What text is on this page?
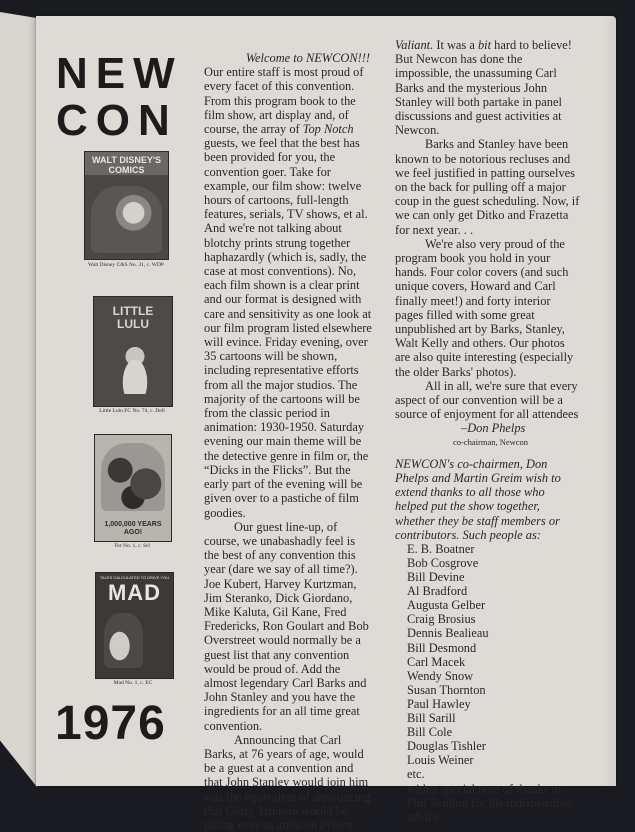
NEW
CON
WALT DISNEY'S COMICS
Walt Disney C&S No. 31, c. WDP
LITTLE LULU
Little Lulu FC No. 74, c. Dell
1,000,000 YEARS AGO!
Tor No. 1, c. StJ
TALES CALCULATED TO DRIVE YOU
MAD
Mad No. 1, c. EC
1976

Welcome to NEWCON!!!

Our entire staff is most proud of every facet of this convention. From this program book to the film show, art display and, of course, the array of Top Notch guests, we feel that the best has been provided for you, the convention goer. Take for example, our film show: twelve hours of cartoons, full-length features, serials, TV shows, et al. And we're not talking about blotchy prints strung together haphazardly (which is, sadly, the case at most conventions). No, each film shown is a clear print and our format is designed with care and sensitivity as one look at our film program listed elsewhere will evince. Friday evening, over 35 cartoons will be shown, including representative efforts from all the major studios. The majority of the cartoons will be from the classic period in animation: 1930-1950. Saturday evening our main theme will be the detective genre in film or, the “Dicks in the Flicks”. But the early part of the evening will be given over to a pastiche of film goodies.

Our guest line-up, of course, we unabashadly feel is the best of any convention this year (dare we say of all time?). Joe Kubert, Harvey Kurtzman, Jim Steranko, Dick Giordano, Mike Kaluta, Gil Kane, Fred Fredericks, Ron Goulart and Bob Overstreet would normally be a guest list that any convention would be proud of. Add the almost legendary Carl Barks and John Stanley and you have the ingredients for an all time great convention.

Announcing that Carl Barks, at 76 years of age, would be a guest at a convention and that John Stanley would join him was the equivalent of announcing that Garry Trudeau would be taking over as artist on Prince

Valiant. It was a bit hard to believe! But Newcon has done the impossible, the unassuming Carl Barks and the mysterious John Stanley will both partake in panel discussions and guest activities at Newcon.

Barks and Stanley have been known to be notorious recluses and we feel justified in patting ourselves on the back for pulling off a major coup in the guest scheduling. Now, if we can only get Ditko and Frazetta for next year. . .

We're also very proud of the program book you hold in your hands. Four color covers (and such unique covers, Howard and Carl finally meet!) and forty interior pages filled with some great unpublished art by Barks, Stanley, Walt Kelly and others. Our photos are also quite interesting (especially the older Barks' photos).

All in all, we're sure that every aspect of our convention will be a source of enjoyment for all attendees

–Don Phelps

co-chairman, Newcon

NEWCON's co-chairmen, Don Phelps and Martin Greim wish to extend thanks to all those who helped put the show together, whether they be staff members or contributors. Such people as:

E. B. Boatner
Bob Cosgrove
Bill Devine
Al Bradford
Augusta Gelber
Craig Brosius
Dennis Bealieau
Bill Desmond
Carl Macek
Wendy Snow
Susan Thornton
Paul Hawley
Bill Sarill
Bill Cole
Douglas Tishler
Louis Weiner
etc.
with a special note of thanks to Phil Seuling for his indispensible advice.
